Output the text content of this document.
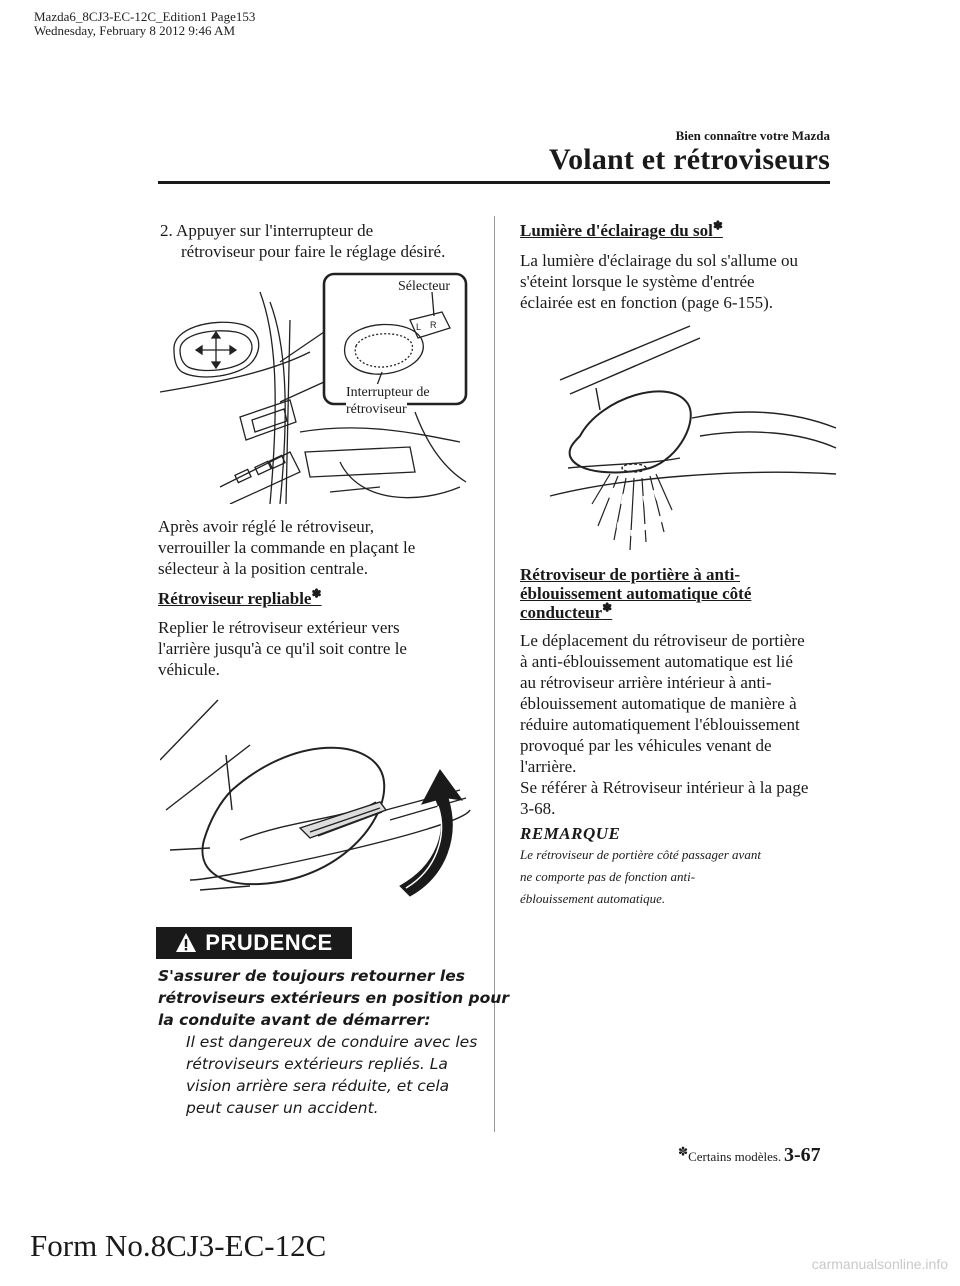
Mazda6_8CJ3-EC-12C_Edition1 Page153
Wednesday, February 8 2012 9:46 AM
Bien connaître votre Mazda
Volant et rétroviseurs
2. Appuyer sur l'interrupteur de
rétroviseur pour faire le réglage désiré.
L R
Sélecteur
Interrupteur de
rétroviseur
Après avoir réglé le rétroviseur,
verrouiller la commande en plaçant le
sélecteur à la position centrale.
Rétroviseur repliable✽
Replier le rétroviseur extérieur vers
l'arrière jusqu'à ce qu'il soit contre le
véhicule.
PRUDENCE
S'assurer de toujours retourner les
rétroviseurs extérieurs en position pour
la conduite avant de démarrer:
Il est dangereux de conduire avec les
rétroviseurs extérieurs repliés. La
vision arrière sera réduite, et cela
peut causer un accident.
Lumière d'éclairage du sol✽
La lumière d'éclairage du sol s'allume ou
s'éteint lorsque le système d'entrée
éclairée est en fonction (page 6-155).
Rétroviseur de portière à anti-
éblouissement automatique côté
conducteur✽
Le déplacement du rétroviseur de portière
à anti-éblouissement automatique est lié
au rétroviseur arrière intérieur à anti-
éblouissement automatique de manière à
réduire automatiquement l'éblouissement
provoqué par les véhicules venant de
l'arrière.
Se référer à Rétroviseur intérieur à la page
3-68.
REMARQUE
Le rétroviseur de portière côté passager avant
ne comporte pas de fonction anti-
éblouissement automatique.
✽Certains modèles. 3-67
Form No.8CJ3-EC-12C
carmanualsonline.info
